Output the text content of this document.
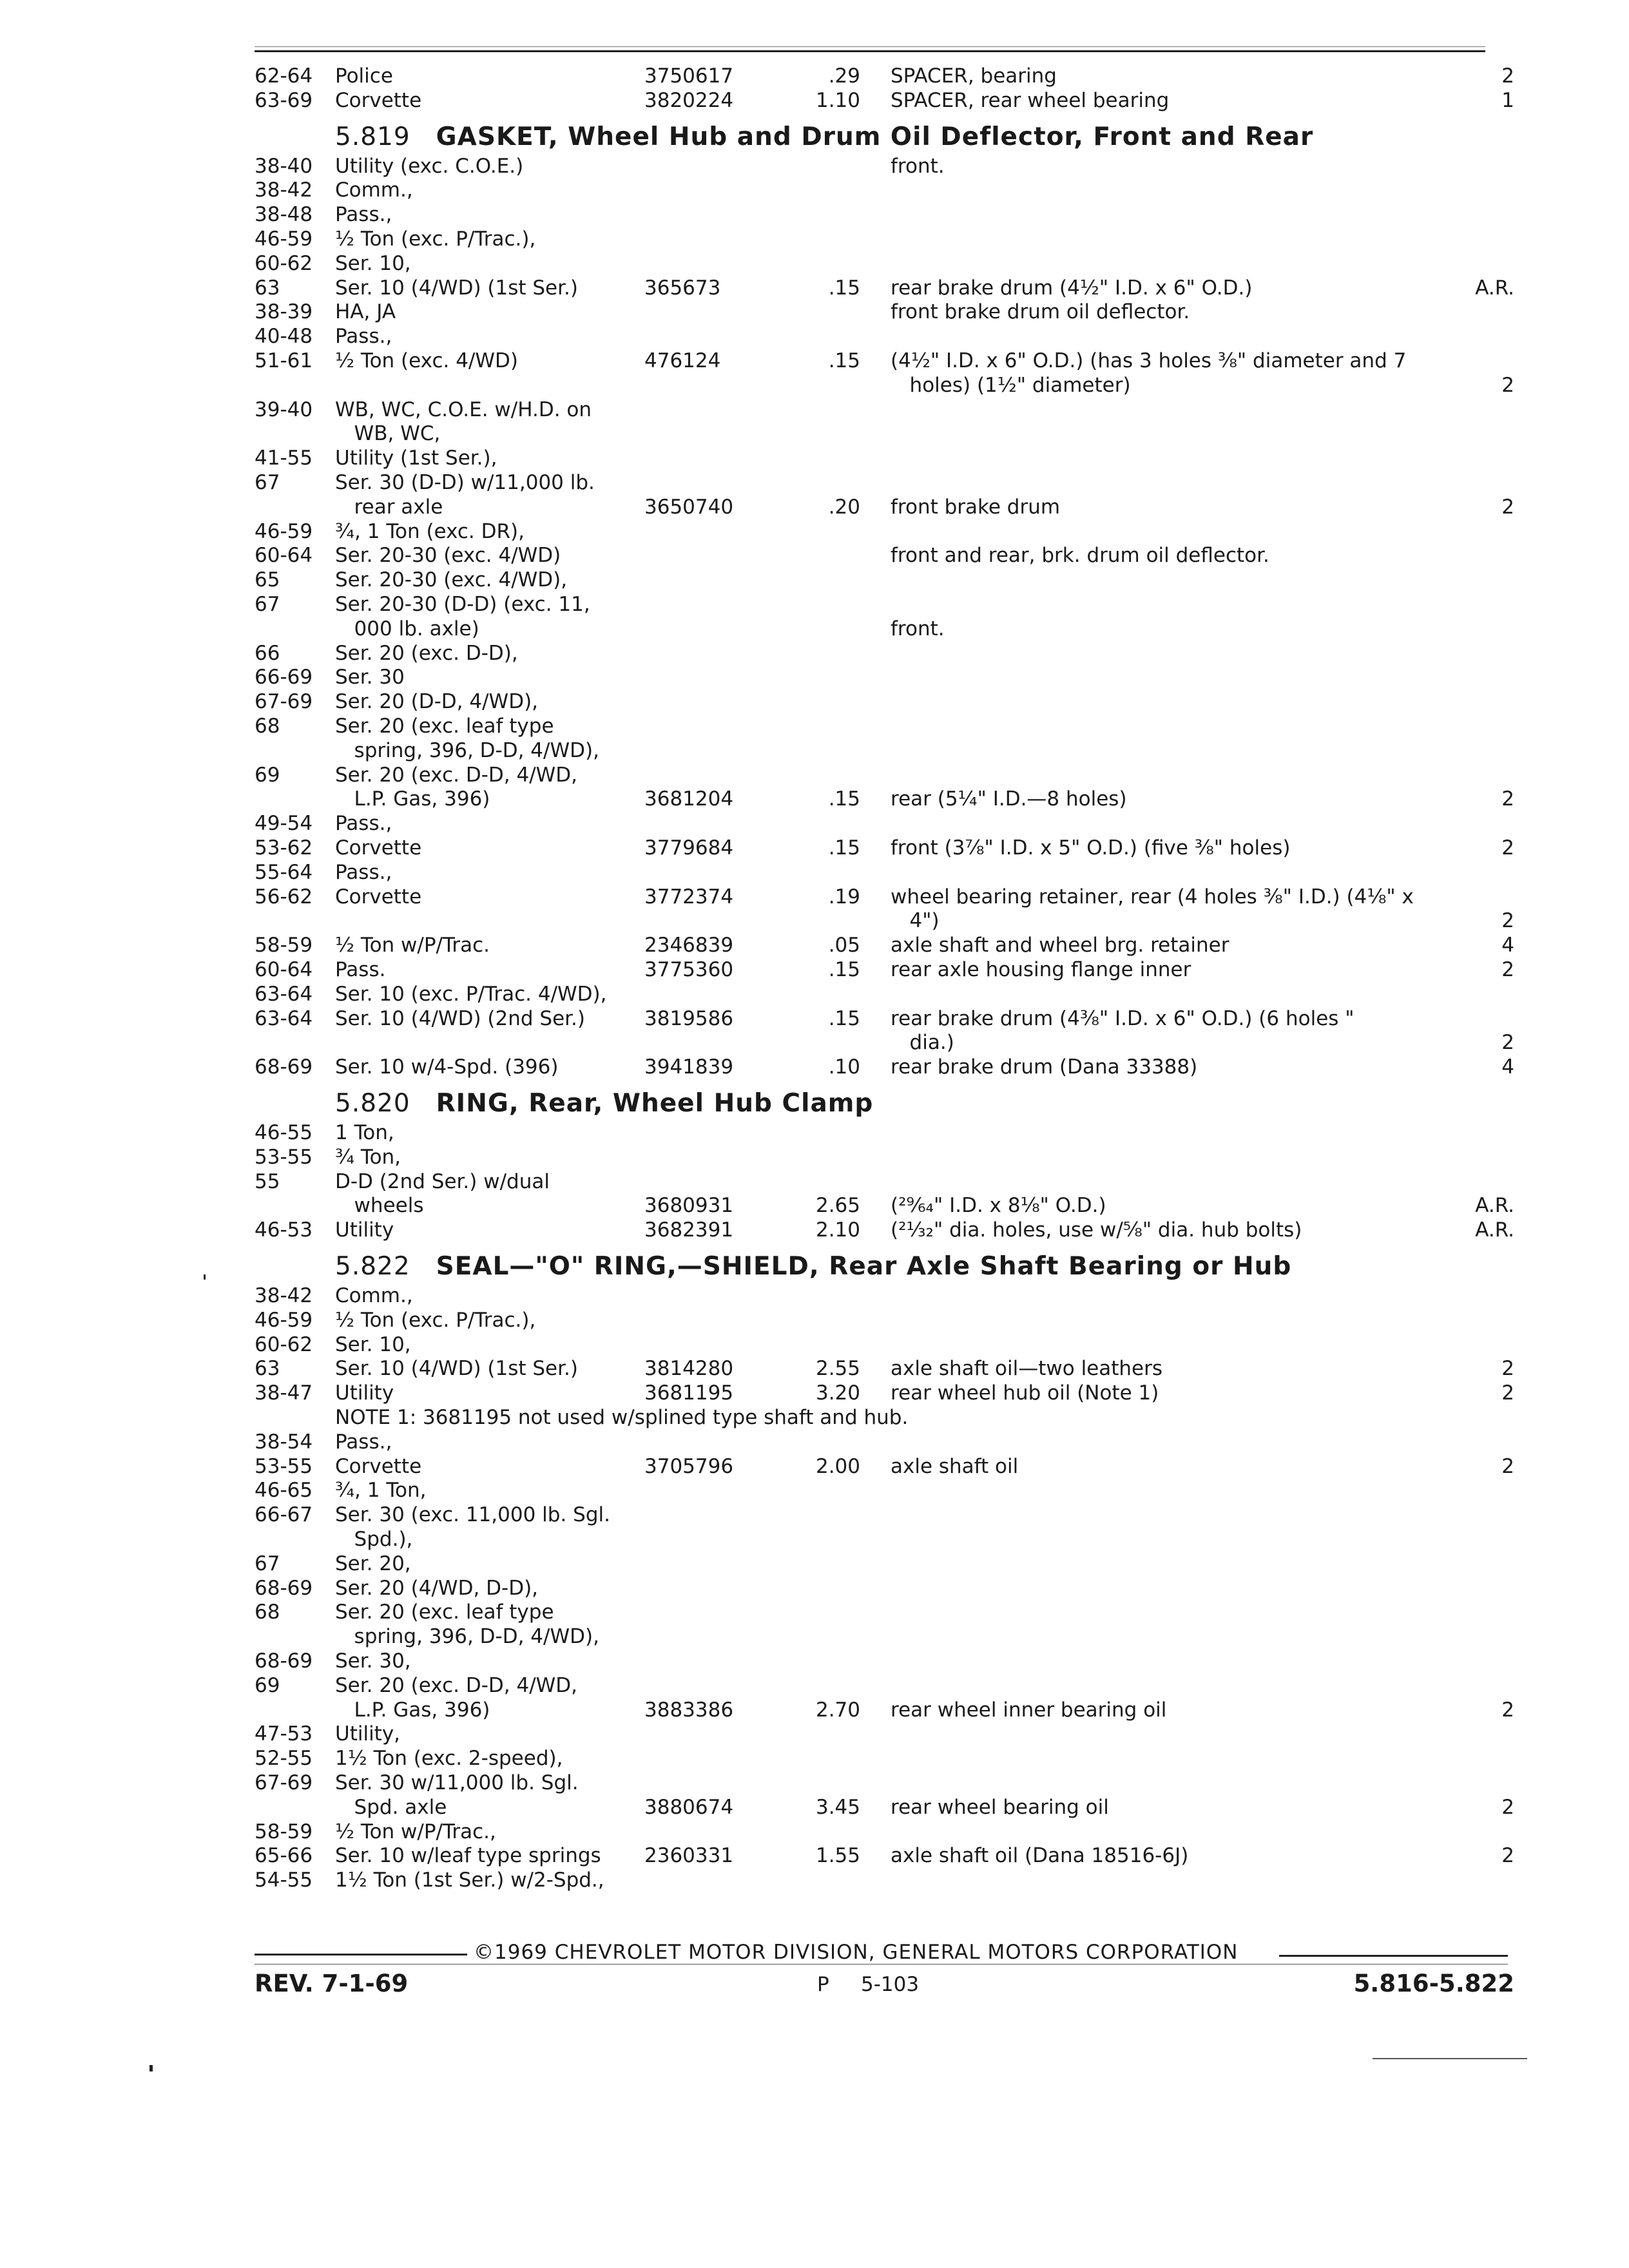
62-64 Police	3750617	.29 SPACER, bearing	2
63-69 Corvette	3820224	1.10 SPACER, rear wheel bearing	1
5.819 GASKET, Wheel Hub and Drum Oil Deflector, Front and Rear
38-40 Utility (exc. C.O.E.)	front.
38-42 Comm.,
38-48 Pass.,
46-59 ½ Ton (exc. P/Trac.),
60-62 Ser. 10,
63	Ser. 10 (4/WD) (1st Ser.)	365673	.15 rear brake drum (4½" I.D. x 6" O.D.)	A.R.
38-39 HA, JA	front brake drum oil deflector.
40-48 Pass.,
51-61 ½ Ton (exc. 4/WD)	476124	.15 (4½" I.D. x 6" O.D.) (has 3 holes ⅜" diameter and 7
holes) (1½" diameter)	2
39-40 WB, WC, C.O.E. w/H.D. on
WB, WC,
41-55 Utility (1st Ser.),
67	Ser. 30 (D-D) w/11,000 lb.
rear axle	3650740	.20 front brake drum	2
46-59 ¾, 1 Ton (exc. DR),
60-64 Ser. 20-30 (exc. 4/WD)	front and rear, brk. drum oil deflector.
65	Ser. 20-30 (exc. 4/WD),
67	Ser. 20-30 (D-D) (exc. 11,
000 lb. axle)	front.
66	Ser. 20 (exc. D-D),
66-69 Ser. 30
67-69 Ser. 20 (D-D, 4/WD),
68	Ser. 20 (exc. leaf type
spring, 396, D-D, 4/WD),
69	Ser. 20 (exc. D-D, 4/WD,
L.P. Gas, 396)	3681204	.15 rear (5¼" I.D.—8 holes)	2
49-54 Pass.,
53-62 Corvette	3779684	.15 front (3⅞" I.D. x 5" O.D.) (five ⅜" holes)	2
55-64 Pass.,
56-62 Corvette	3772374	.19 wheel bearing retainer, rear (4 holes ⅜" I.D.) (4⅛" x
4")	2
58-59 ½ Ton w/P/Trac.	2346839	.05 axle shaft and wheel brg. retainer	4
60-64 Pass.	3775360	.15 rear axle housing flange inner	2
63-64 Ser. 10 (exc. P/Trac. 4/WD),
63-64 Ser. 10 (4/WD) (2nd Ser.)	3819586	.15 rear brake drum (4⅜" I.D. x 6" O.D.) (6 holes "
dia.)	2
68-69 Ser. 10 w/4-Spd. (396)	3941839	.10 rear brake drum (Dana 33388)	4
5.820 RING, Rear, Wheel Hub Clamp
46-55 1 Ton,
53-55 ¾ Ton,
55	D-D (2nd Ser.) w/dual
wheels	3680931	2.65 (²⁹⁄₆₄" I.D. x 8⅛" O.D.)	A.R.
46-53 Utility	3682391	2.10 (²¹⁄₃₂" dia. holes, use w/⅝" dia. hub bolts)	A.R.
5.822 SEAL—"O" RING,—SHIELD, Rear Axle Shaft Bearing or Hub
38-42 Comm.,
46-59 ½ Ton (exc. P/Trac.),
60-62 Ser. 10,
63	Ser. 10 (4/WD) (1st Ser.)	3814280	2.55 axle shaft oil—two leathers	2
38-47 Utility	3681195	3.20 rear wheel hub oil (Note 1)	2
NOTE 1: 3681195 not used w/splined type shaft and hub.
38-54 Pass.,
53-55 Corvette	3705796	2.00 axle shaft oil	2
46-65 ¾, 1 Ton,
66-67 Ser. 30 (exc. 11,000 lb. Sgl.
Spd.),
67	Ser. 20,
68-69 Ser. 20 (4/WD, D-D),
68	Ser. 20 (exc. leaf type
spring, 396, D-D, 4/WD),
68-69 Ser. 30,
69	Ser. 20 (exc. D-D, 4/WD,
L.P. Gas, 396)	3883386	2.70 rear wheel inner bearing oil	2
47-53 Utility,
52-55 1½ Ton (exc. 2-speed),
67-69 Ser. 30 w/11,000 lb. Sgl.
Spd. axle	3880674	3.45 rear wheel bearing oil	2
58-59 ½ Ton w/P/Trac.,
65-66 Ser. 10 w/leaf type springs 2360331	1.55 axle shaft oil (Dana 18516-6J)	2
54-55 1½ Ton (1st Ser.) w/2-Spd.,
©1969 CHEVROLET MOTOR DIVISION, GENERAL MOTORS CORPORATION
REV. 7-1-69	P 5-103	5.816-5.822
